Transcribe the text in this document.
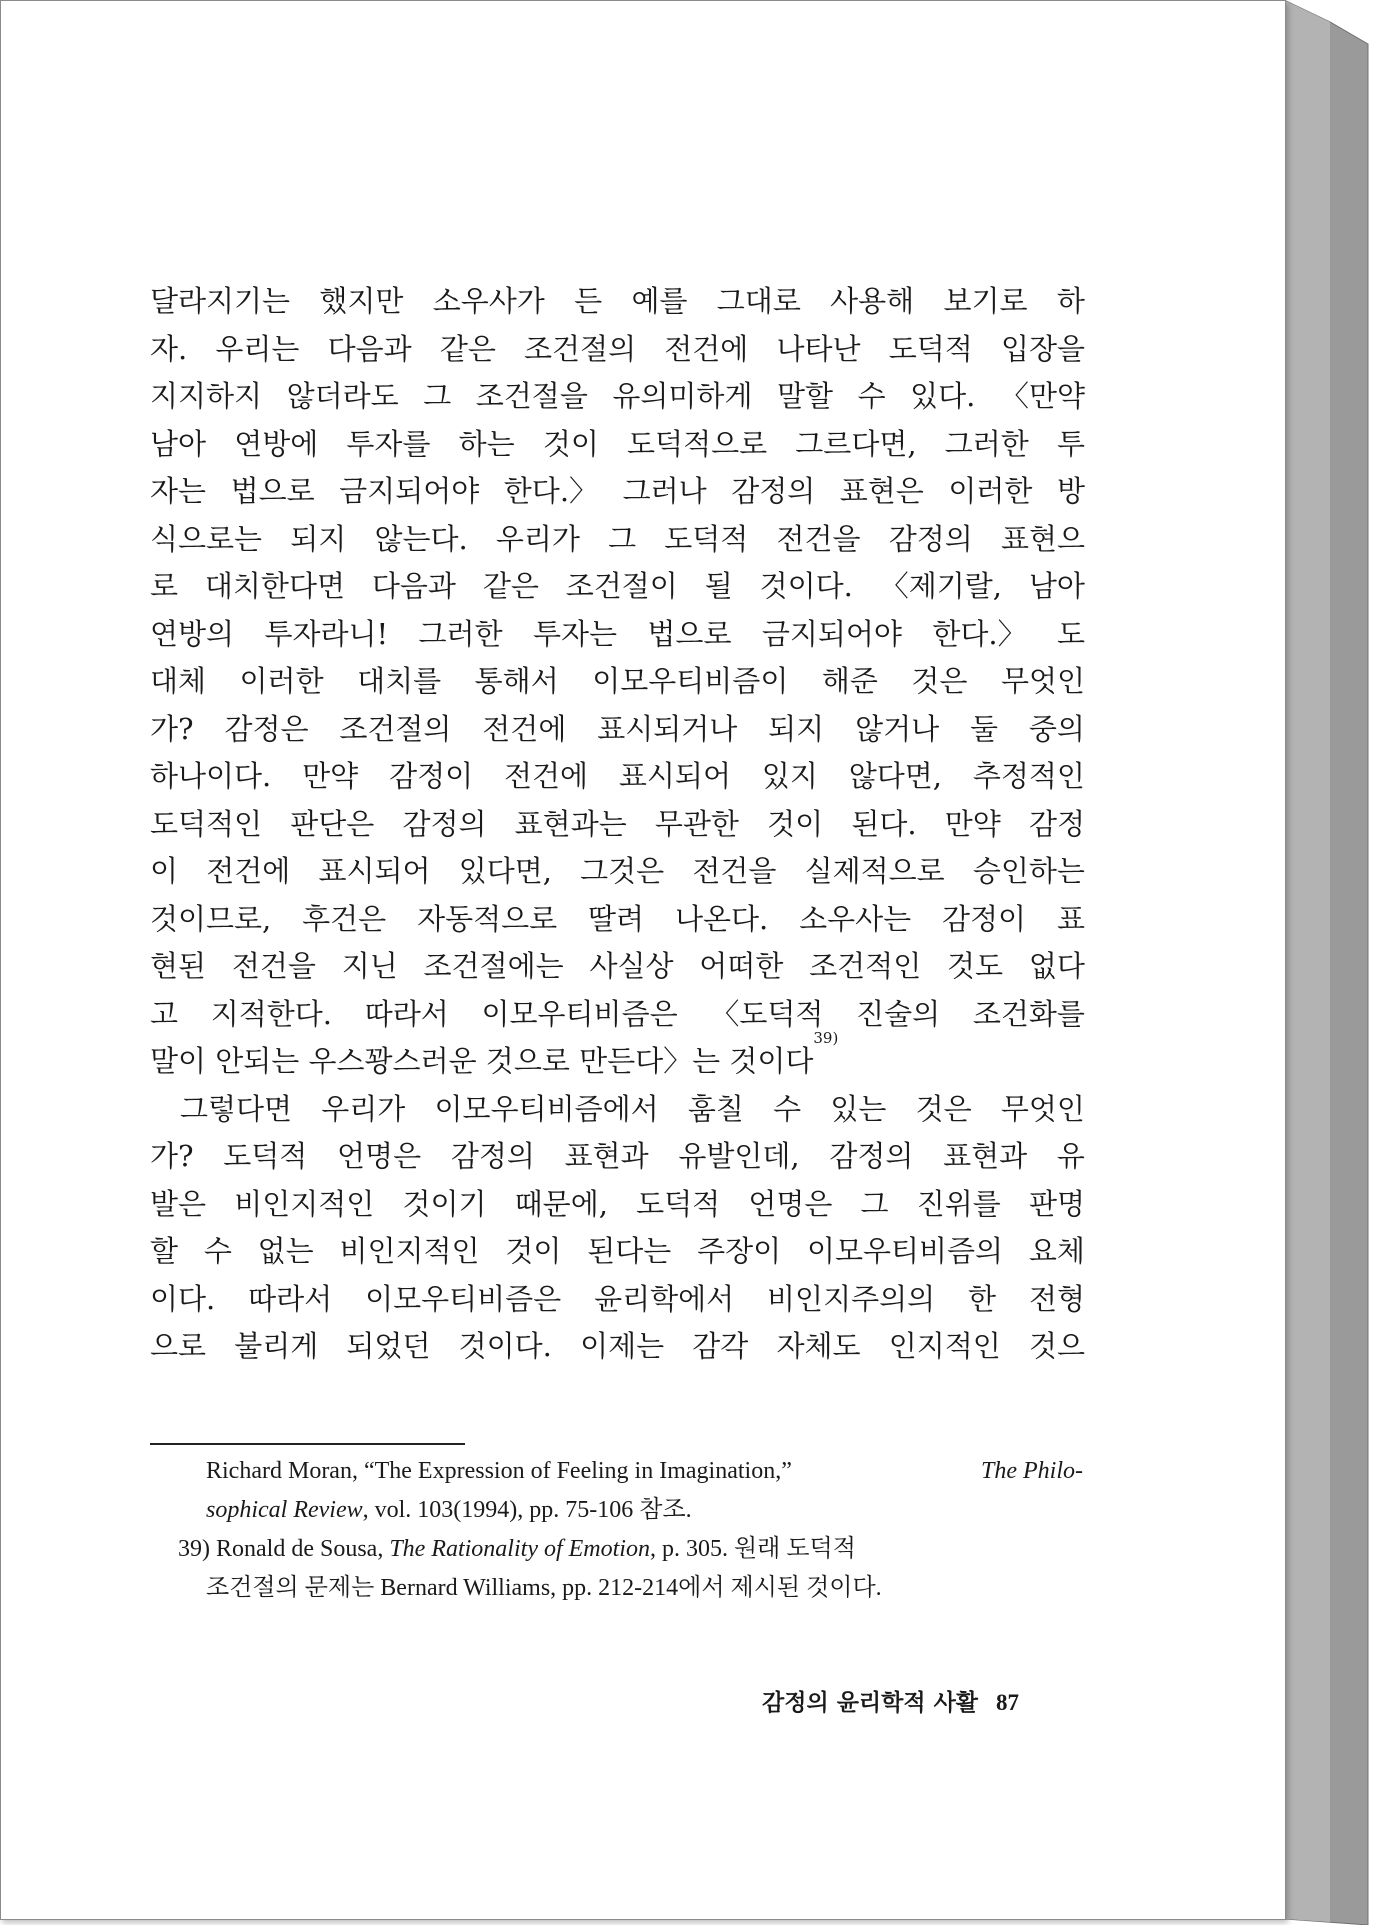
달라지기는 했지만 소우사가 든 예를 그대로 사용해 보기로 하
자. 우리는 다음과 같은 조건절의 전건에 나타난 도덕적 입장을
지지하지 않더라도 그 조건절을 유의미하게 말할 수 있다. 〈만약
남아 연방에 투자를 하는 것이 도덕적으로 그르다면, 그러한 투
자는 법으로 금지되어야 한다.〉 그러나 감정의 표현은 이러한 방
식으로는 되지 않는다. 우리가 그 도덕적 전건을 감정의 표현으
로 대치한다면 다음과 같은 조건절이 될 것이다. 〈제기랄, 남아
연방의 투자라니! 그러한 투자는 법으로 금지되어야 한다.〉 도
대체 이러한 대치를 통해서 이모우티비즘이 해준 것은 무엇인
가? 감정은 조건절의 전건에 표시되거나 되지 않거나 둘 중의
하나이다. 만약 감정이 전건에 표시되어 있지 않다면, 추정적인
도덕적인 판단은 감정의 표현과는 무관한 것이 된다. 만약 감정
이 전건에 표시되어 있다면, 그것은 전건을 실제적으로 승인하는
것이므로, 후건은 자동적으로 딸려 나온다. 소우사는 감정이 표
현된 전건을 지닌 조건절에는 사실상 어떠한 조건적인 것도 없다
고 지적한다. 따라서 이모우티비즘은 〈도덕적 진술의 조건화를
말이 안되는 우스꽝스러운 것으로 만든다〉는 것이다
39)
그렇다면 우리가 이모우티비즘에서 훔칠 수 있는 것은 무엇인
가? 도덕적 언명은 감정의 표현과 유발인데, 감정의 표현과 유
발은 비인지적인 것이기 때문에, 도덕적 언명은 그 진위를 판명
할 수 없는 비인지적인 것이 된다는 주장이 이모우티비즘의 요체
이다. 따라서 이모우티비즘은 윤리학에서 비인지주의의 한 전형
으로 불리게 되었던 것이다. 이제는 감각 자체도 인지적인 것으
Richard Moran, “The Expression of Feeling in Imagination,”	The Philo-
sophical Review , vol. 103(1994), pp. 75-106 참조.
39) Ronald de Sousa, The Rationality of Emotion , p. 305. 원래 도덕적
조건절의 문제는 Bernard Williams, pp. 212-214에서 제시된 것이다.

감정의 윤리학적 사활 87
